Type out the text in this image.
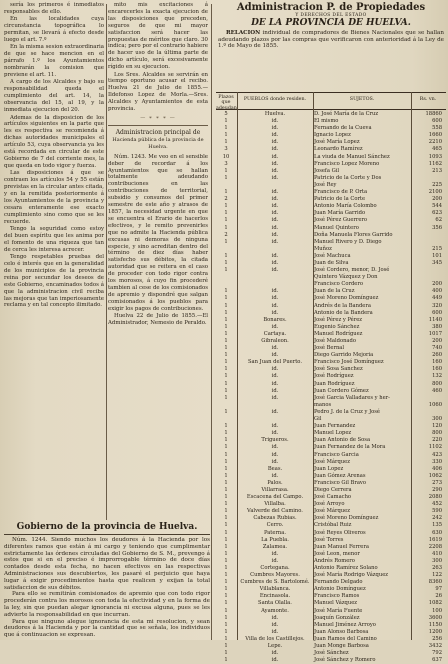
sería los primeros é inmediatos responsables de ello.

En las localidades cuya circunstancia topográfica lo permitan, se llevará á efecto desde luego el art. 7.º

En la misma sesion extraordinaria de que se hace mencion en el párrafo 1.º los Ayuntamientos nombrarán la comision que previene el art. 11.

A cargo de los Alcaldes y bajo su responsabilidad queda el cumplimiento del art. 14, la observancia del 15, al 19, y la inmediata ejecucion del 20.

Ademas de la disposicion de los artículos siguientes en la parte que les es respectiva se recomienda á dichas autoridades municipales el artículo 53, cuya observancia ya les está recordada en circular de este Gobierno de 7 del corriente mes, la que queda en todo vigor y fuerza.

Las disposiciones á que se contraen los artículos 54 y 55 están previstas en la circular antes citada, y en la remitida posteriormente á los Ayuntamientos de la provincia y cesara enteramente ese exacto cumplimiento sino como que se les recuerde.

Tengo la seguridad como estoy del buen espíritu que les anima por el fomento de una riqueza que tan de cerca les interesa acrecer.

Tengo respetables pruebas del celo é interés que en la generalidad de los municipios de la provincia reina por secundar los deseos de este Gobierno, encaminados todos á que la administracion civil reciba las mejoras que tan imperiosamente reclama y en tal concepto ilimitado.

mito mis excitaciones á encarecerles la exacta ejecucion de las disposiciones que preceden, seguros de que mi mayor satisfaccion será hacer las propuestas de méritos que claro. 30 indica; pero por el contrario habiere de hacer uso de la última parte de dicho artículo, será excesivamente rígido en su ejecucion.

Los Sres. Alcaldes se servirán en tiempo oportuno acusar el recibo. Huelva 21 de Julio de 1855.—Ildefonso Lopez de Morla.—Sres. Alcaldes y Ayuntamientos de esta provincia.

— ∗ ∗ ∗ —
Administracion principal de
Hacienda pública de la provincia de Huelva.

Núm. 1243. Me veo en el sensible deber de recordar á los Ayuntamientos que se hallan totalmente adeudando contribuciones en las contribuciones de territorial, subsidio y consumos del primer semestre de este año y atrasos de 1857, la necesidad urgente en que se encuentra el Erario de hacerlos efectivos, y le remito prevenirles que no admite la Hacienda pública excusas ni demoras de ninguna especie, y sino acreditan dentro del término de diez días haber satisfecho sus débitos, la citada autoridad que se reitera en el caso de proceder con todo rigor contra los morosos, á cuyo fin procederé tambien al cese de los comisionados de apremio y dispondré que salgan comisionados á los pueblos para exigir los pagos de contribuciones.

Huelva 22 de Julio de 1855.—El Administrador, Nemesio de Peraldo.

Gobierno de la provincia de Huelva.

Núm. 1244. Siendo muchos los deudores á la Hacienda por los diferentes ramos que están á mi cargo y teniendo que cumplimentar estrictamente las órdenes circuladas del Gobierno de S. M., prevengo á estos que si en el preciso é improrrogable término de doce días contados desde esta fecha, no hacen efectivos en las respectivas Administraciones sus descubiertos, les pasaré el perjuicio que haya lugar á exigir procedimientos hasta que realicen y exijan la total satisfaccion de sus débitos.

Para ello se remitirán comisionados de apremio que con todo rigor procederán contra los morosos con toda la efectividad y en la forma de la ley, sin que puedan alegar ignorancia ni excusa alguna, pues se les advierte la responsabilidad en que incurran.

Para que ninguno alegue ignorancia de esta mi resolucion, y sean deudores á la Hacienda y por la cantidad que se señala, los individuos que á continuacion se expresan.

Administracion P. de Propiedades
Y DERECHOS DEL ESTADO
DE LA PROVINCIA DE HUELVA.
RELACION individual de compradores de Bienes Nacionales que se hallan adeudando plazos por las compras que verificaron con anterioridad á la Ley de 1.º de Mayo de 1855.
Plazos que adeudan.
PUEBLOS donde residen.	SUJETOS.	Rs. vn.
5	Huelva.	D. José María de la Cruz	18860
1	id.	El mismo	600
1	id.	Fernando de la Cueva	558
1	id.	Ignacio Lopez	1660
1	id.	José María Lopez	2210
3	id.	Leonardo Ramírez	465
10	id.	La viuda de Manuel Sánchez	1093
3	id.	Francisco Lopez Moreno	1162
1	id.	Josefa Gil	213
1	id.	Patricio de la Corte y Dos
José Rey	225
1	id.	Francisco de P. Orta	2100
2	id.	Patricio de la Corte	200
1	id.	Antonio María Colombo	544
1	id.	Juan María Garrido	623
1	id.	José Pérez Guerrero	62
1	id.	Manuel Quintero	356
2	id.	Doña Manuela Flores Garrido
1	id.	Manuel Rivero y D. Diego
Muñoz	215
1	id.	José Machuca	101
1	id.	Juan de Silva	345
1	id.	José Cordero, menor, D. José
Quintero Vázquez y Don
Francisco Cordero	200
1	id.	Juan de la Cruz	400
1	id.	José Moreno Domínguez	449
1	id.	Andrés de la Bandera	320
1	id.	Antonio de la Bandera	600
1	Bonares.	José Pérez y Pérez	1140
1	id.	Eugenio Sánchez	380
1	Cartaya.	Manuel Rodríguez	1017
1	Gibraleon.	José Maldonado	200
1	id.	José Bernal	740
1	id.	Diego Garrido Mejoria	260
1	San Juan del Puerto.	Francisco José Domínguez	160
1	id.	José Sosa Sanchez	160
1	id.	José Rodríguez	132
1	id.	Juan Rodríguez	800
1	id.	Juan Cordero Gómez	460
1	id.	José Garcia Valladares y her-
manos	1060
1	id.	Pedro J. de la Cruz y José
Gil	300
1	id.	Juan Fernandez	120
1	id.	Manuel Lopez	800
1	Trigueros.	Juan Antonio de Sosa	220
1	id.	Juan Fernandez de la Mora	1102
1	id.	Francisco Garcia	423
1	id.	José Márquez	330
1	Beas.	Juan Lopez	406
1	id.	Juan Gómez Arenas	1062
1	Palos.	Francisco Gil Bravo	273
1	Villarrasa.	Diego Cerrera	290
1	Escacena del Campo.	José Camacho	2080
1	Villalba.	José Arroyo	452
1	Valverde del Camino.	José Márquez	590
1	Cabezas Rubias.	José Moreno Domínguez	242
1	Cerro.	Cristóbal Ruiz	135
1	Paterna.	José Reyes Oliveros	630
1	La Puebla.	José Torres	1619
1	Zalamea.	Juan Manuel Ferrera	2208
1	id.	José Leon, menor	410
1	id.	Andrés Romero	300
1	Cortegana.	Antonio Ramírez Solano	263
1	Cumbres Mayores.	José María Rodrigo Vázquez	122
1	Cumbres de S. Bartolomé. Fernando Delgado	8360
1	Villablanca.	Antonio Domínguez	97
1	Encinasola.	Francisco Ramos	26
1	Santa Olalla.	Manuel Vázquez	1082
1	Ayamonte.	José María Fuente	100
1	id.	Joaquín González	3600
1	id.	Manuel Jiménez Arroyo	1150
1	id.	Juan Alonso Barbosa	1200
1	Villa de los Castillejos.	Juan Ramos del Camino	256
1	Lepe.	Juan Monge Barbosa	3432
1	id.	José Sánchez	792
1	id.	José Sánchez y Romero	637
